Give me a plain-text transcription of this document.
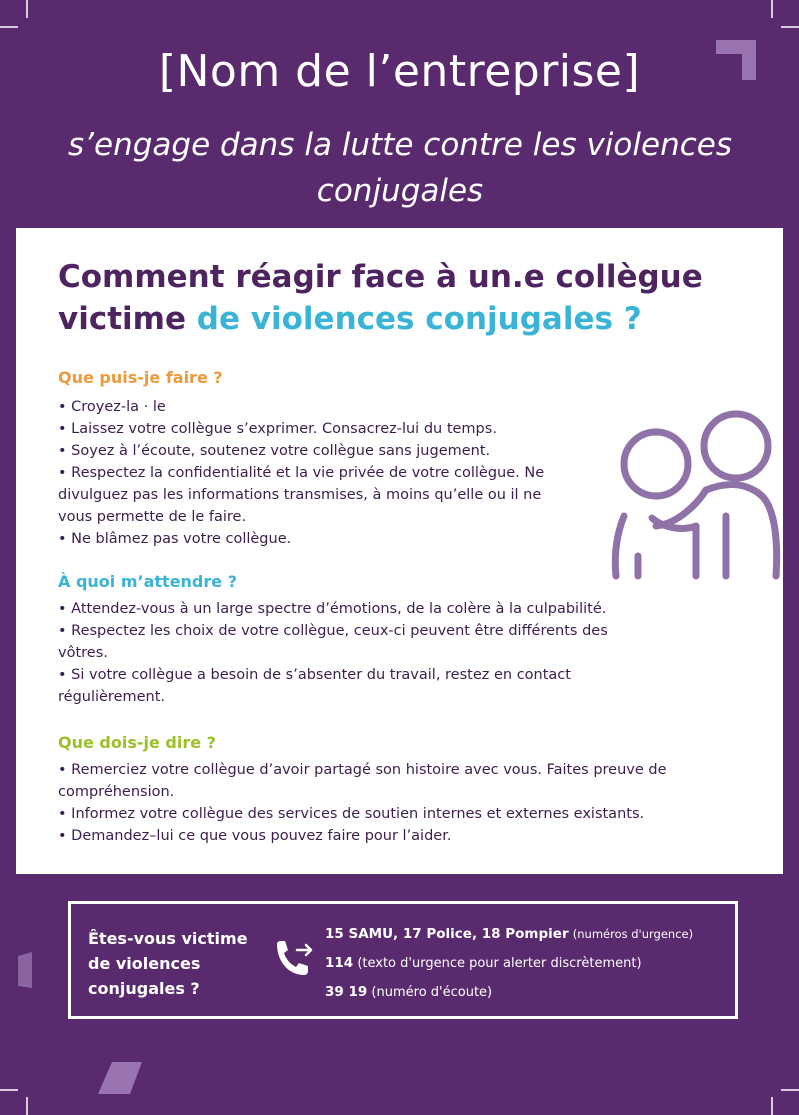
[Nom de l’entreprise]
s’engage dans la lutte contre les violences conjugales
Comment réagir face à un.e collègue victime de violences conjugales ?
Que puis-je faire ?
• Croyez-la · le
• Laissez votre collègue s’exprimer. Consacrez-lui du temps.
• Soyez à l’écoute, soutenez votre collègue sans jugement.
• Respectez la confidentialité et la vie privée de votre collègue. Ne divulguez pas les informations transmises, à moins qu’elle ou il ne vous permette de le faire.
• Ne blâmez pas votre collègue.
À quoi m’attendre ?
• Attendez-vous à un large spectre d’émotions, de la colère à la culpabilité.
• Respectez les choix de votre collègue, ceux-ci peuvent être différents des vôtres.
• Si votre collègue a besoin de s’absenter du travail, restez en contact régulièrement.
Que dois-je dire ?
• Remerciez votre collègue d’avoir partagé son histoire avec vous. Faites preuve de compréhension.
• Informez votre collègue des services de soutien internes et externes existants.
• Demandez–lui ce que vous pouvez faire pour l’aider.
Êtes-vous victime de violences conjugales ?
15 SAMU, 17 Police, 18 Pompier (numéros d'urgence)
114 (texto d'urgence pour alerter discrètement)
39 19 (numéro d'écoute)
